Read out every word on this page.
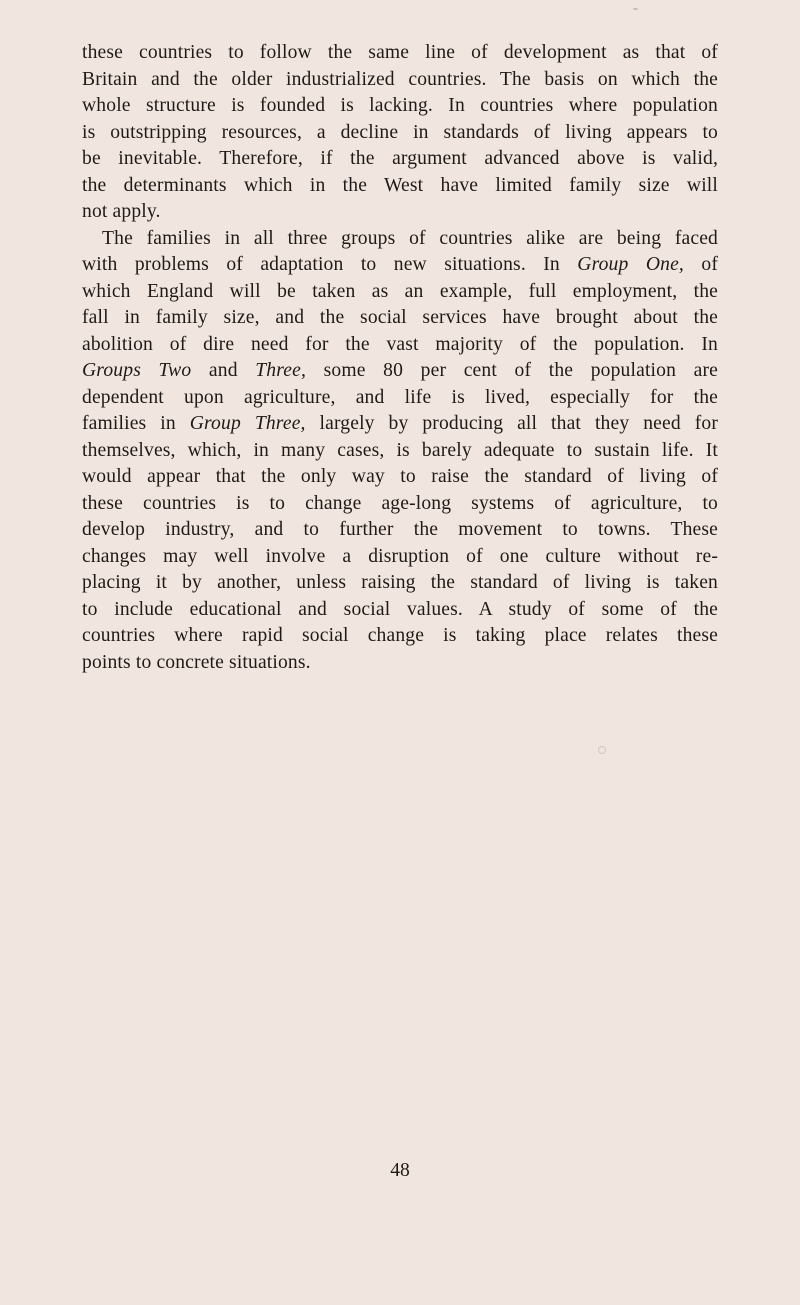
these countries to follow the same line of development as that of
Britain and the older industrialized countries. The basis on which the
whole structure is founded is lacking. In countries where population
is outstripping resources, a decline in standards of living appears to
be inevitable. Therefore, if the argument advanced above is valid,
the determinants which in the West have limited family size will
not apply.
The families in all three groups of countries alike are being faced
with problems of adaptation to new situations. In Group One, of
which England will be taken as an example, full employment, the
fall in family size, and the social services have brought about the
abolition of dire need for the vast majority of the population. In
Groups Two and Three, some 80 per cent of the population are
dependent upon agriculture, and life is lived, especially for the
families in Group Three, largely by producing all that they need for
themselves, which, in many cases, is barely adequate to sustain life. It
would appear that the only way to raise the standard of living of
these countries is to change age-long systems of agriculture, to
develop industry, and to further the movement to towns. These
changes may well involve a disruption of one culture without re-
placing it by another, unless raising the standard of living is taken
to include educational and social values. A study of some of the
countries where rapid social change is taking place relates these
points to concrete situations.
48
